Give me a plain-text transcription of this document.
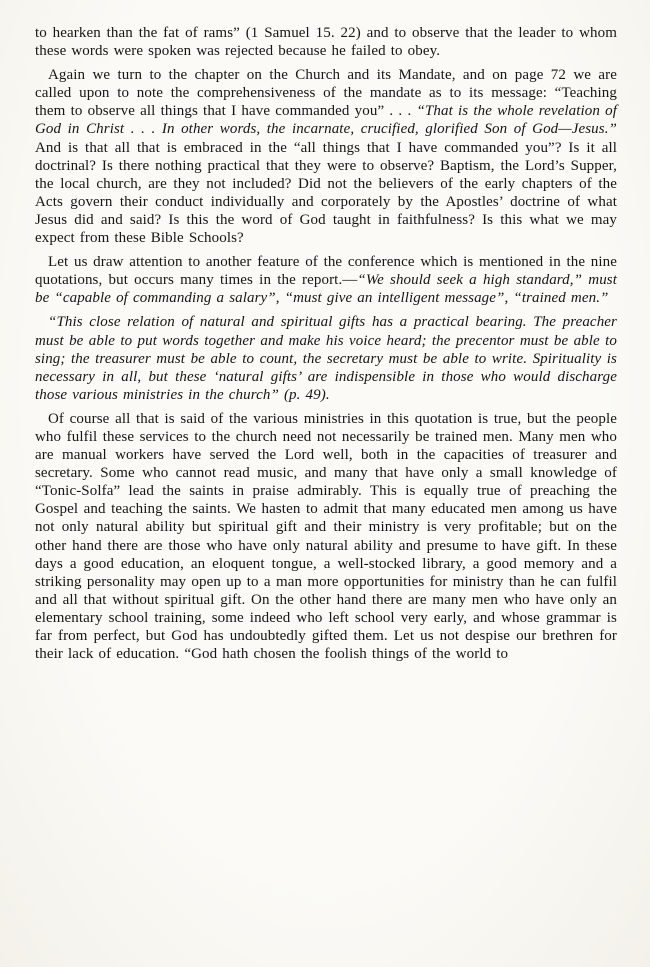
to hearken than the fat of rams” (1 Samuel 15. 22) and to observe that the leader to whom these words were spoken was rejected because he failed to obey.

Again we turn to the chapter on the Church and its Mandate, and on page 72 we are called upon to note the comprehensiveness of the mandate as to its message: “Teaching them to observe all things that I have commanded you” . . . “That is the whole revelation of God in Christ . . . In other words, the incarnate, crucified, glorified Son of God—Jesus.” And is that all that is embraced in the “all things that I have commanded you”? Is it all doctrinal? Is there nothing practical that they were to observe? Baptism, the Lord’s Supper, the local church, are they not included? Did not the believers of the early chapters of the Acts govern their conduct individually and corporately by the Apostles’ doctrine of what Jesus did and said? Is this the word of God taught in faithfulness? Is this what we may expect from these Bible Schools?

Let us draw attention to another feature of the conference which is mentioned in the nine quotations, but occurs many times in the report.—“We should seek a high standard,” must be “capable of commanding a salary”, “must give an intelligent message”, “trained men.”

“This close relation of natural and spiritual gifts has a practical bearing. The preacher must be able to put words together and make his voice heard; the precentor must be able to sing; the treasurer must be able to count, the secretary must be able to write. Spirituality is necessary in all, but these ‘natural gifts’ are indispensible in those who would discharge those various ministries in the church” (p. 49).

Of course all that is said of the various ministries in this quotation is true, but the people who fulfil these services to the church need not necessarily be trained men. Many men who are manual workers have served the Lord well, both in the capacities of treasurer and secretary. Some who cannot read music, and many that have only a small knowledge of “Tonic-Solfa” lead the saints in praise admirably. This is equally true of preaching the Gospel and teaching the saints. We hasten to admit that many educated men among us have not only natural ability but spiritual gift and their ministry is very profitable; but on the other hand there are those who have only natural ability and presume to have gift. In these days a good education, an eloquent tongue, a well-stocked library, a good memory and a striking personality may open up to a man more opportunities for ministry than he can fulfil and all that without spiritual gift. On the other hand there are many men who have only an elementary school training, some indeed who left school very early, and whose grammar is far from perfect, but God has undoubtedly gifted them. Let us not despise our brethren for their lack of education. “God hath chosen the foolish things of the world to
